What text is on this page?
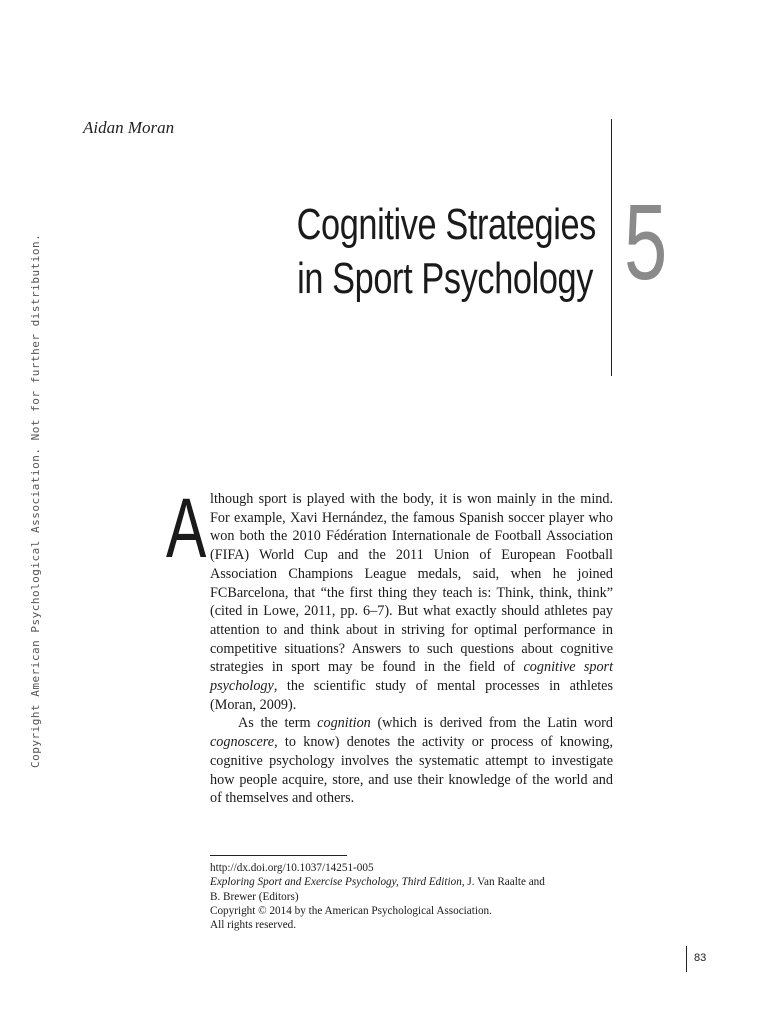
Copyright American Psychological Association. Not for further distribution.
Aidan Moran
Cognitive Strategies
in Sport Psychology 5
A lthough sport is played with the body, it is won mainly in the mind. For example, Xavi Hernández, the famous Spanish soccer player who won both the 2010 Fédération Internationale de Football Association (FIFA) World Cup and the 2011 Union of European Football Association Champions League medals, said, when he joined FCBarcelona, that “the first thing they teach is: Think, think, think” (cited in Lowe, 2011, pp. 6–7). But what exactly should athletes pay attention to and think about in striving for optimal performance in competitive situations? Answers to such questions about cognitive strategies in sport may be found in the field of cognitive sport psychology, the scientific study of mental processes in athletes (Moran, 2009).

As the term cognition (which is derived from the Latin word cognoscere, to know) denotes the activity or process of knowing, cognitive psychology involves the systematic attempt to investigate how people acquire, store, and use their knowledge of the world and of themselves and others.

http://dx.doi.org/10.1037/14251-005
Exploring Sport and Exercise Psychology, Third Edition, J. Van Raalte and
B. Brewer (Editors)
Copyright © 2014 by the American Psychological Association.
All rights reserved.
83
